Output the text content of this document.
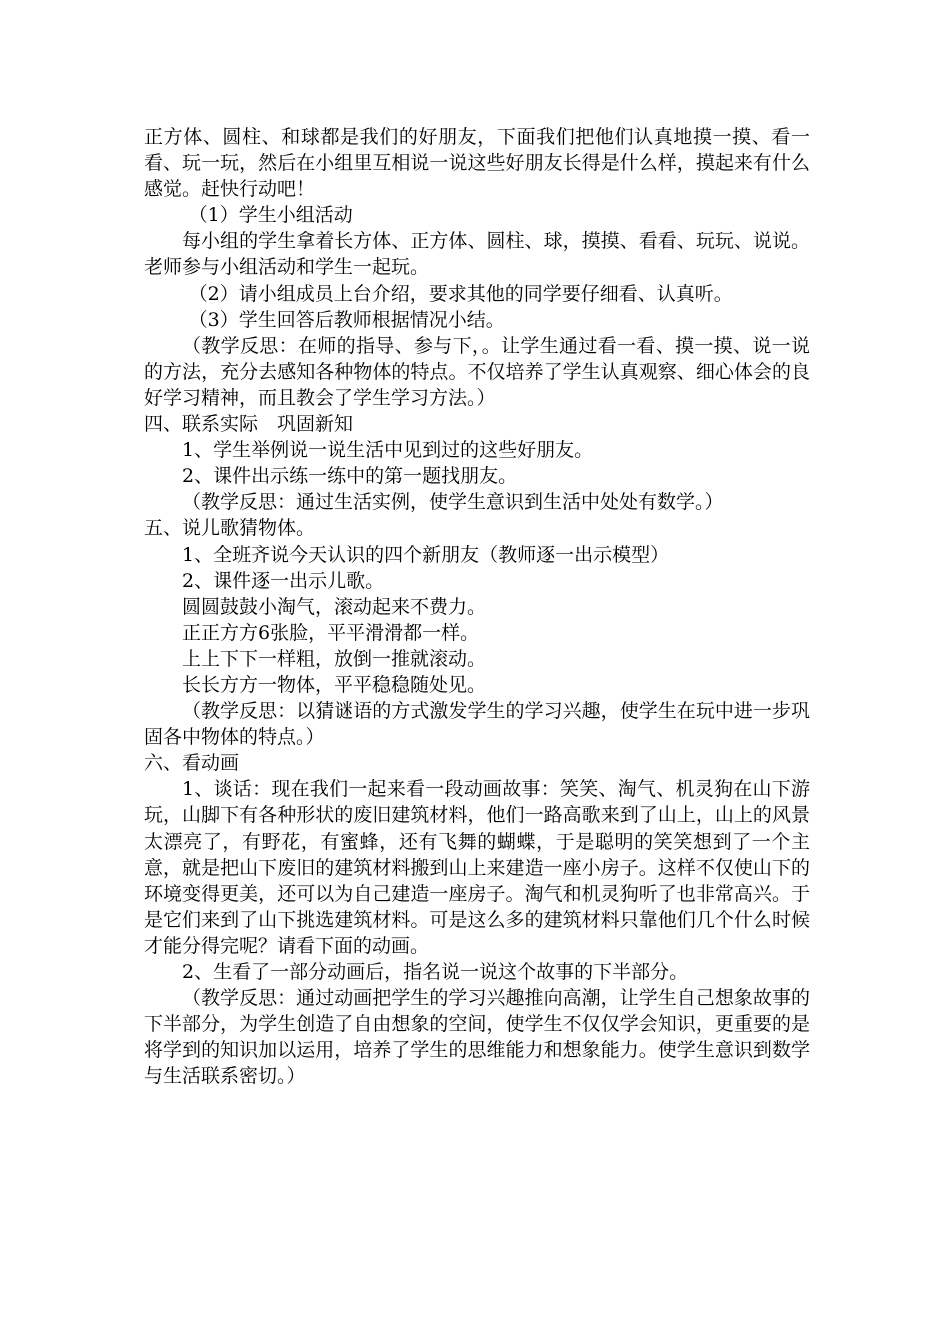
正方体、圆柱、和球都是我们的好朋友，下面我们把他们认真地摸一摸、看一看、玩一玩，然后在小组里互相说一说这些好朋友长得是什么样，摸起来有什么感觉。赶快行动吧！

（1）学生小组活动

每小组的学生拿着长方体、正方体、圆柱、球，摸摸、看看、玩玩、说说。老师参与小组活动和学生一起玩。

（2）请小组成员上台介绍，要求其他的同学要仔细看、认真听。

（3）学生回答后教师根据情况小结。

（教学反思：在师的指导、参与下，。让学生通过看一看、摸一摸、说一说的方法，充分去感知各种物体的特点。不仅培养了学生认真观察、细心体会的良好学习精神，而且教会了学生学习方法。）

四、联系实际　巩固新知

1、学生举例说一说生活中见到过的这些好朋友。

2、课件出示练一练中的第一题找朋友。

（教学反思：通过生活实例，使学生意识到生活中处处有数学。）

五、说儿歌猜物体。

1、全班齐说今天认识的四个新朋友（教师逐一出示模型）

2、课件逐一出示儿歌。

圆圆鼓鼓小淘气，滚动起来不费力。

正正方方6张脸，平平滑滑都一样。

上上下下一样粗，放倒一推就滚动。

长长方方一物体，平平稳稳随处见。

（教学反思：以猜谜语的方式激发学生的学习兴趣，使学生在玩中进一步巩固各中物体的特点。）

六、看动画

1、谈话：现在我们一起来看一段动画故事：笑笑、淘气、机灵狗在山下游玩，山脚下有各种形状的废旧建筑材料，他们一路高歌来到了山上，山上的风景太漂亮了，有野花，有蜜蜂，还有飞舞的蝴蝶，于是聪明的笑笑想到了一个主意，就是把山下废旧的建筑材料搬到山上来建造一座小房子。这样不仅使山下的环境变得更美，还可以为自己建造一座房子。淘气和机灵狗听了也非常高兴。于是它们来到了山下挑选建筑材料。可是这么多的建筑材料只靠他们几个什么时候才能分得完呢？请看下面的动画。

2、生看了一部分动画后，指名说一说这个故事的下半部分。

（教学反思：通过动画把学生的学习兴趣推向高潮，让学生自己想象故事的下半部分，为学生创造了自由想象的空间，使学生不仅仅学会知识，更重要的是将学到的知识加以运用，培养了学生的思维能力和想象能力。使学生意识到数学与生活联系密切。）
